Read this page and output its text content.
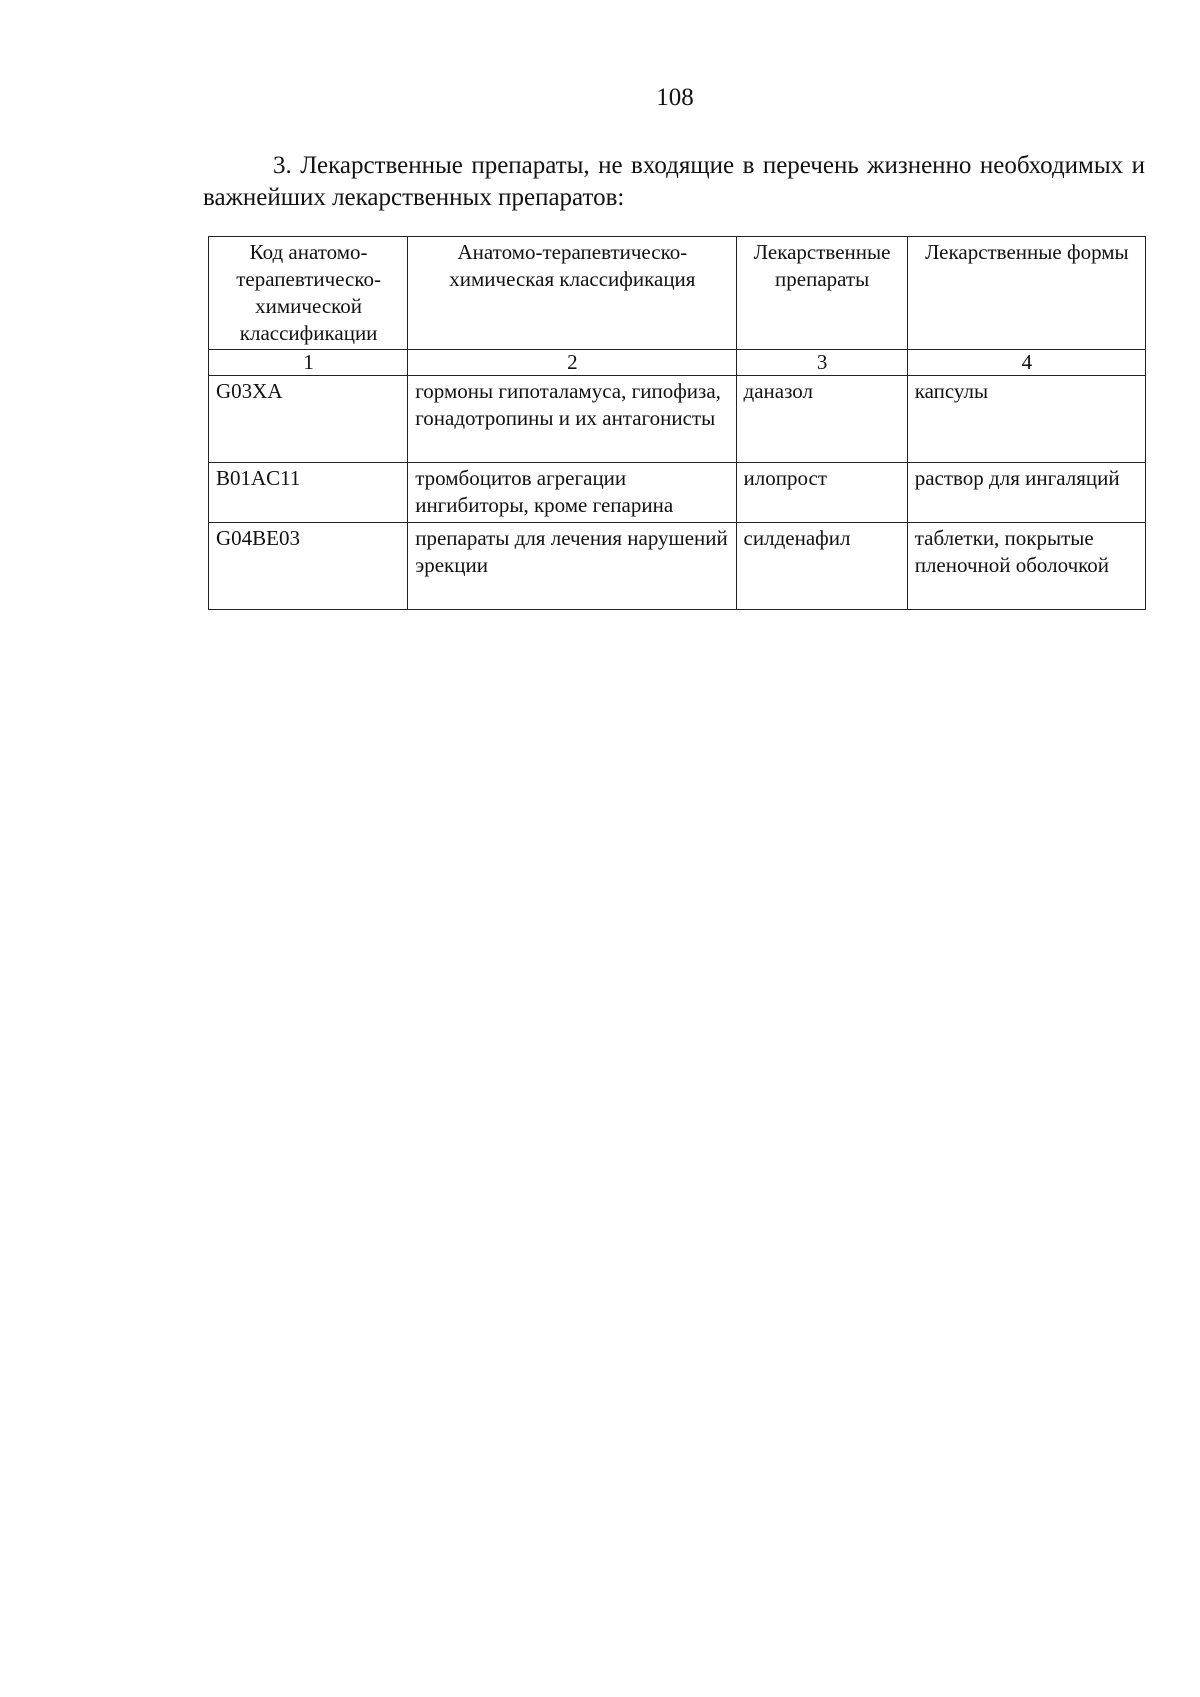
108

3. Лекарственные препараты, не входящие в перечень жизненно необходимых и важнейших лекарственных препаратов:

Код анатомо-терапевтическо-химической классификации	Анатомо-терапевтическо-химическая классификация	Лекарственные препараты	Лекарственные формы
1	2	3	4
G03XA	гормоны гипоталамуса, гипофиза, гонадотропины и их антагонисты	даназол	капсулы
B01AC11	тромбоцитов агрегации ингибиторы, кроме гепарина	илопрост	раствор для ингаляций
G04BE03	препараты для лечения нарушений эрекции	силденафил	таблетки, покрытые пленочной оболочкой
